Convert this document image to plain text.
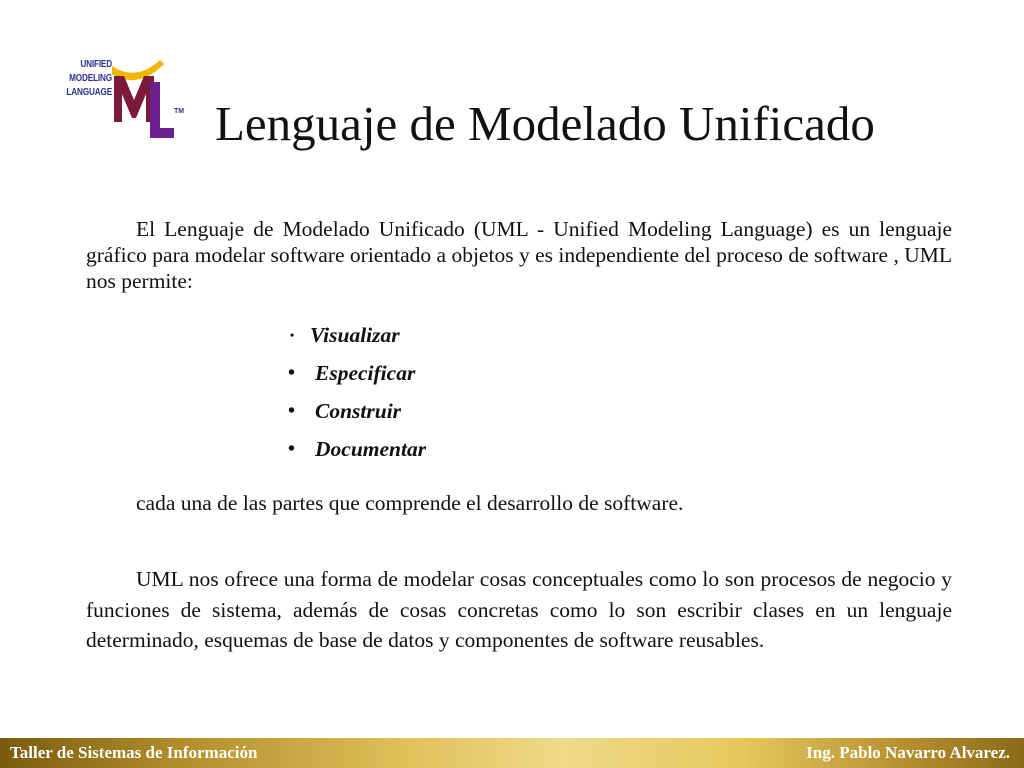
UNIFIED
MODELING
LANGUAGE
TM Lenguaje de Modelado Unificado
El Lenguaje de Modelado Unificado (UML - Unified Modeling Language) es un lenguaje gráfico para modelar software orientado a objetos y es independiente del proceso de software , UML nos permite:
• Visualizar
• Especificar
• Construir
• Documentar
cada una de las partes que comprende el desarrollo de software.
UML nos ofrece una forma de modelar cosas conceptuales como lo son procesos de negocio y funciones de sistema, además de cosas concretas como lo son escribir clases en un lenguaje determinado, esquemas de base de datos y componentes de software reusables.
Taller de Sistemas de Información	Ing. Pablo Navarro Alvarez.
